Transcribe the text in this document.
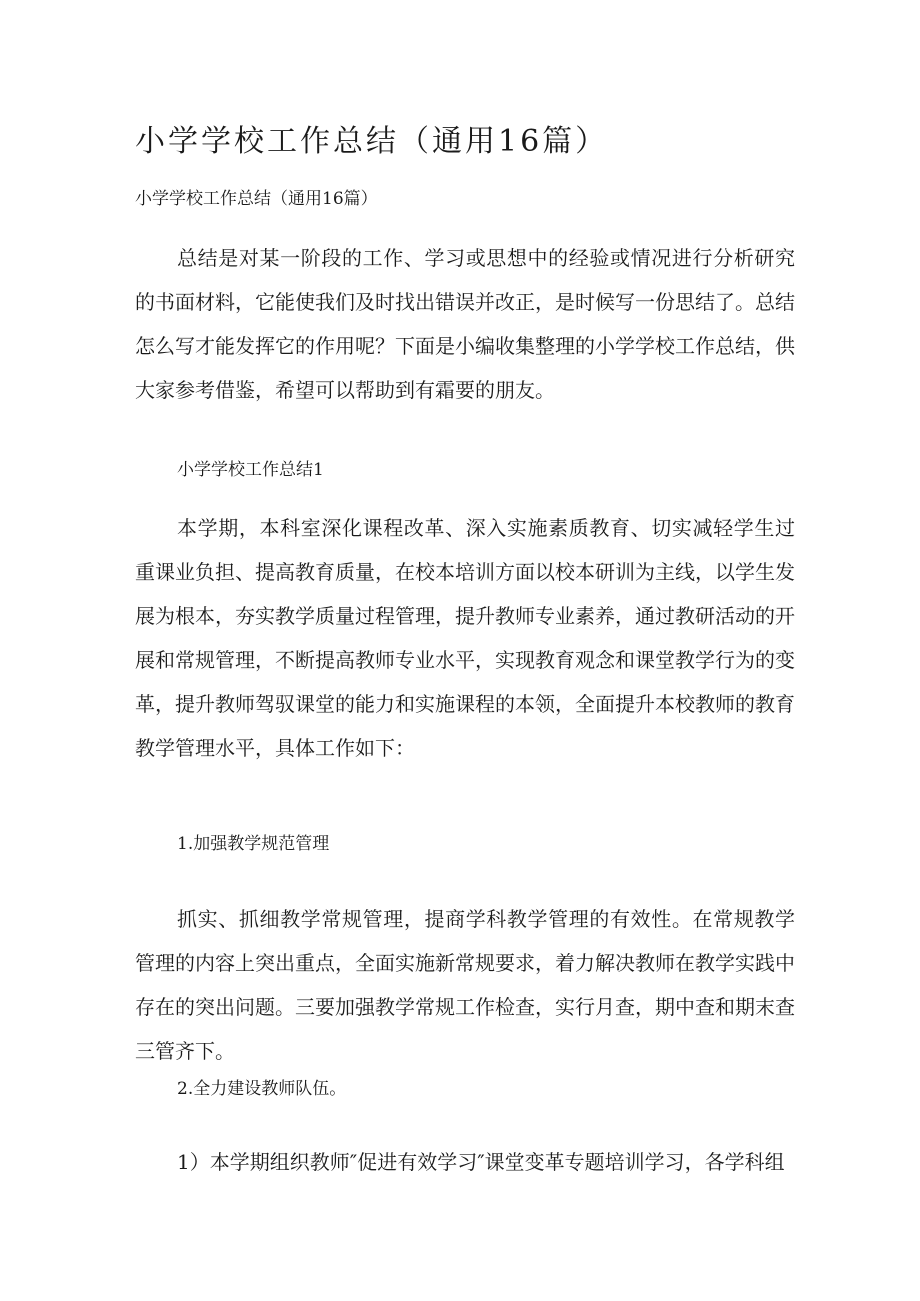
小学学校工作总结（通用16篇）

小学学校工作总结（通用16篇）

总结是对某一阶段的工作、学习或思想中的经验或情况进行分析研究的书面材料，它能使我们及时找出错误并改正，是时候写一份思结了。总结怎么写才能发挥它的作用呢？下面是小编收集整理的小学学校工作总结，供大家参考借鉴，希望可以帮助到有霜要的朋友。

小学学校工作总结1

本学期，本科室深化课程改革、深入实施素质教育、切实减轻学生过重课业负担、提高教育质量，在校本培训方面以校本研训为主线，以学生发展为根本，夯实教学质量过程管理，提升教师专业素养，通过教研活动的开展和常规管理，不断提高教师专业水平，实现教育观念和课堂教学行为的变革，提升教师驾驭课堂的能力和实施课程的本领，全面提升本校教师的教育教学管理水平，具体工作如下：

1.加强教学规范管理

抓实、抓细教学常规管理，提商学科教学管理的有效性。在常规教学管理的内容上突出重点，全面实施新常规要求，着力解决教师在教学实践中存在的突出问题。三要加强教学常规工作检查，实行月查，期中查和期末查三管齐下。

2.全力建设教师队伍。

1）本学期组织教师″促进有效学习″课堂变革专题培训学习，各学科组
